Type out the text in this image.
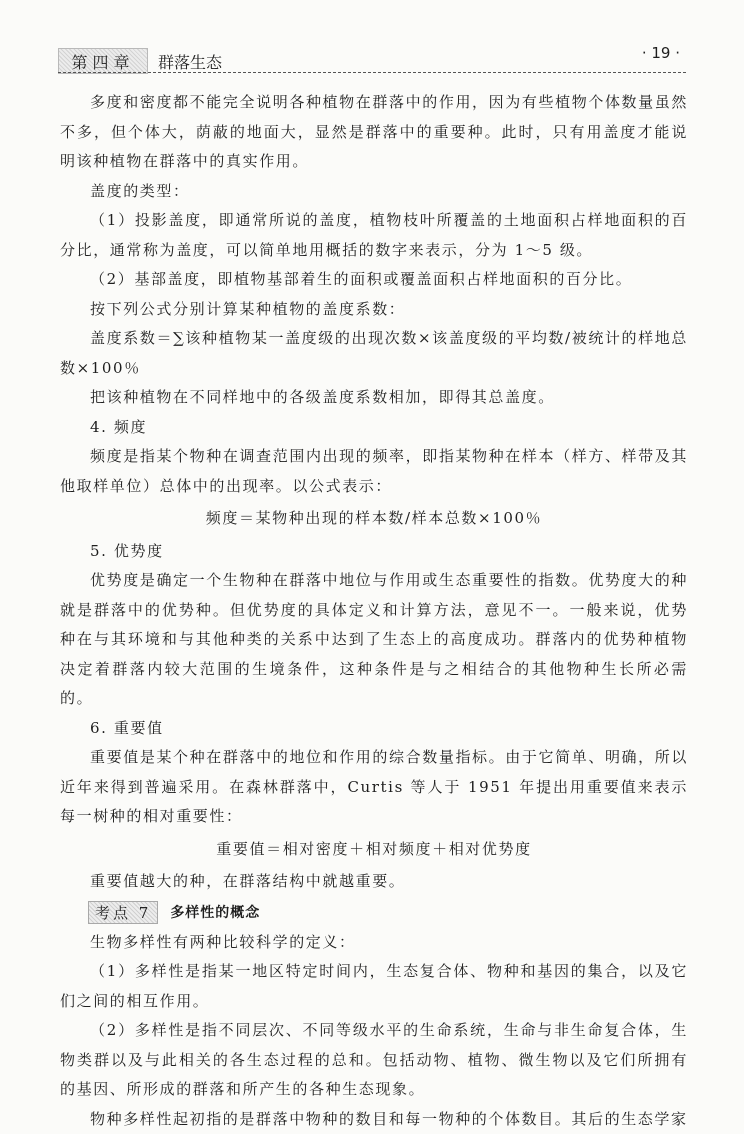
第四章	群落生态	· 19 ·

多度和密度都不能完全说明各种植物在群落中的作用，因为有些植物个体数量虽然不多，但个体大，荫蔽的地面大，显然是群落中的重要种。此时，只有用盖度才能说明该种植物在群落中的真实作用。

盖度的类型：

（1）投影盖度，即通常所说的盖度，植物枝叶所覆盖的土地面积占样地面积的百分比，通常称为盖度，可以简单地用概括的数字来表示，分为 1～5 级。

（2）基部盖度，即植物基部着生的面积或覆盖面积占样地面积的百分比。

按下列公式分别计算某种植物的盖度系数：

盖度系数＝∑该种植物某一盖度级的出现次数×该盖度级的平均数/被统计的样地总数×100％

把该种植物在不同样地中的各级盖度系数相加，即得其总盖度。

4. 频度

频度是指某个物种在调查范围内出现的频率，即指某物种在样本（样方、样带及其他取样单位）总体中的出现率。以公式表示：

频度＝某物种出现的样本数/样本总数×100％

5. 优势度

优势度是确定一个生物种在群落中地位与作用或生态重要性的指数。优势度大的种就是群落中的优势种。但优势度的具体定义和计算方法，意见不一。一般来说，优势种在与其环境和与其他种类的关系中达到了生态上的高度成功。群落内的优势种植物决定着群落内较大范围的生境条件，这种条件是与之相结合的其他物种生长所必需的。

6. 重要值

重要值是某个种在群落中的地位和作用的综合数量指标。由于它简单、明确，所以近年来得到普遍采用。在森林群落中，Curtis 等人于 1951 年提出用重要值来表示每一树种的相对重要性：

重要值＝相对密度＋相对频度＋相对优势度

重要值越大的种，在群落结构中就越重要。

考点 7	多样性的概念

生物多样性有两种比较科学的定义：

（1）多样性是指某一地区特定时间内，生态复合体、物种和基因的集合，以及它们之间的相互作用。

（2）多样性是指不同层次、不同等级水平的生命系统，生命与非生命复合体，生物类群以及与此相关的各生态过程的总和。包括动物、植物、微生物以及它们所拥有的基因、所形成的群落和所产生的各种生态现象。

物种多样性起初指的是群落中物种的数目和每一物种的个体数目。其后的生态学家
